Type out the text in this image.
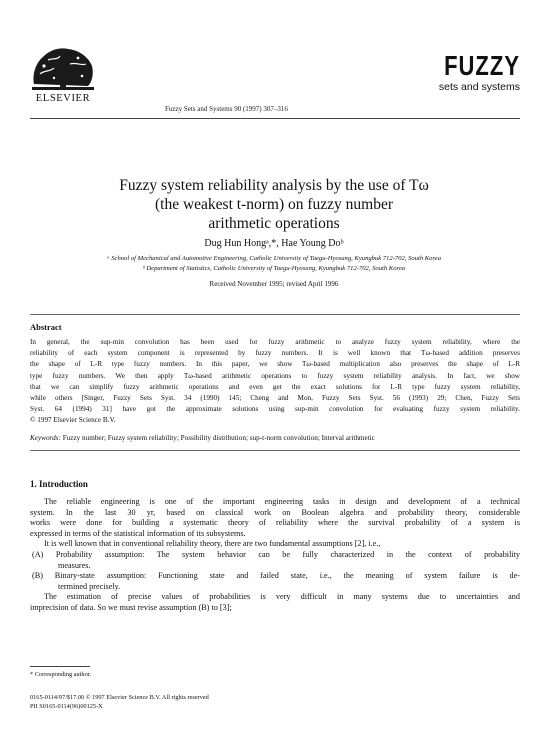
ELSEVIER
Fuzzy Sets and Systems 90 (1997) 307–316
FUZZY
sets and systems
Fuzzy system reliability analysis by the use of Tω
(the weakest t-norm) on fuzzy number
arithmetic operations
Dug Hun Hongᵃ,*, Hae Young Doᵇ
ᵃ School of Mechanical and Automotive Engineering, Catholic University of Taegu-Hyosung, Kyungbuk 712-702, South Korea
ᵇ Department of Statistics, Catholic University of Taegu-Hyosung, Kyungbuk 712-702, South Korea
Received November 1995; revised April 1996
Abstract
In general, the sup-min convolution has been used for fuzzy arithmetic to analyze fuzzy system reliability, where the
reliability of each system component is represented by fuzzy numbers. It is well known that Tω-based addition preserves
the shape of L-R type fuzzy numbers. In this paper, we show Tω-based multiplication also preserves the shape of L-R
type fuzzy numbers. We then apply Tω-based arithmetic operations to fuzzy system reliability analysis. In fact, we show
that we can simplify fuzzy arithmetic operations and even get the exact solutions for L-R type fuzzy system reliability,
while others [Singer, Fuzzy Sets Syst. 34 (1990) 145; Cheng and Mon, Fuzzy Sets Syst. 56 (1993) 29; Chen, Fuzzy Sets
Syst. 64 (1994) 31] have got the approximate solutions using sup-min convolution for evaluating fuzzy system reliability.
© 1997 Elsevier Science B.V.
Keywords: Fuzzy number; Fuzzy system reliability; Possibility distribution; sup-t-norm convolution; Interval arithmetic
1. Introduction
The reliable engineering is one of the important engineering tasks in design and development of a technical
system. In the last 30 yr, based on classical work on Boolean algebra and probability theory, considerable
works were done for building a systematic theory of reliability where the survival probability of a system is
expressed in terms of the statistical information of its subsystems.
It is well known that in conventional reliability theory, there are two fundamental assumptions [2], i.e.,
(A) Probability assumption: The system behavior can be fully characterized in the context of probability
measures.
(B) Binary-state assumption: Functioning state and failed state, i.e., the meaning of system failure is de-
termined precisely.
The estimation of precise values of probabilities is very difficult in many systems due to uncertainties and
imprecision of data. So we must revise assumption (B) to [3];
* Corresponding author.
0165-0114/97/$17.00 © 1997 Elsevier Science B.V. All rights reserved
PII S0165-0114(96)00125-X
